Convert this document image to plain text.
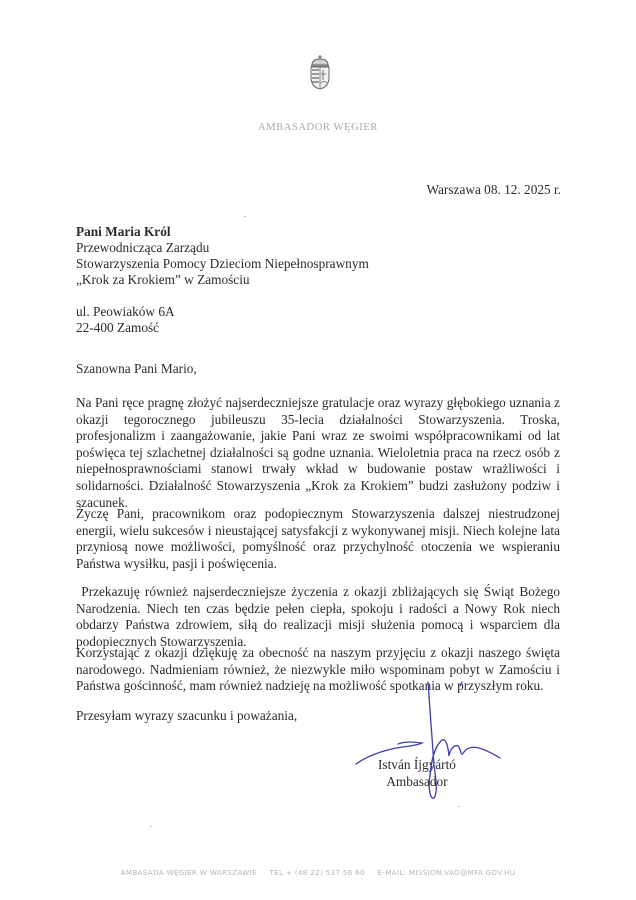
AMBASADOR WĘGIER
Warszawa 08. 12. 2025 r.
Pani Maria Król
Przewodnicząca Zarządu
Stowarzyszenia Pomocy Dzieciom Niepełnosprawnym
„Krok za Krokiem” w Zamościu
ul. Peowiaków 6A
22-400 Zamość
Szanowna Pani Mario,
Na Pani ręce pragnę złożyć najserdeczniejsze gratulacje oraz wyrazy głębokiego uznania z okazji tegorocznego jubileuszu 35-lecia działalności Stowarzyszenia. Troska, profesjonalizm i zaangażowanie, jakie Pani wraz ze swoimi współpracownikami od lat poświęca tej szlachetnej działalności są godne uznania. Wieloletnia praca na rzecz osób z niepełnosprawnościami stanowi trwały wkład w budowanie postaw wrażliwości i solidarności. Działalność Stowarzyszenia „Krok za Krokiem” budzi zasłużony podziw i szacunek.
Życzę Pani, pracownikom oraz podopiecznym Stowarzyszenia dalszej niestrudzonej energii, wielu sukcesów i nieustającej satysfakcji z wykonywanej misji. Niech kolejne lata przyniosą nowe możliwości, pomyślność oraz przychylność otoczenia we wspieraniu Państwa wysiłku, pasji i poświęcenia.
Przekazuję również najserdeczniejsze życzenia z okazji zbliżających się Świąt Bożego Narodzenia. Niech ten czas będzie pełen ciepła, spokoju i radości a Nowy Rok niech obdarzy Państwa zdrowiem, siłą do realizacji misji służenia pomocą i wsparciem dla podopiecznych Stowarzyszenia.
Korzystając z okazji dziękuję za obecność na naszym przyjęciu z okazji naszego święta narodowego. Nadmieniam również, że niezwykle miło wspominam pobyt w Zamościu i Państwa gościnność, mam również nadzieję na możliwość spotkania w przyszłym roku.
Przesyłam wyrazy szacunku i poważania,
István Íjgyártó
Ambasador
AMBASADA WĘGIER W WARSZAWIE TEL + (48 22) 537 56 60 E-MAIL: MISSION.VAO@MFA.GOV.HU
